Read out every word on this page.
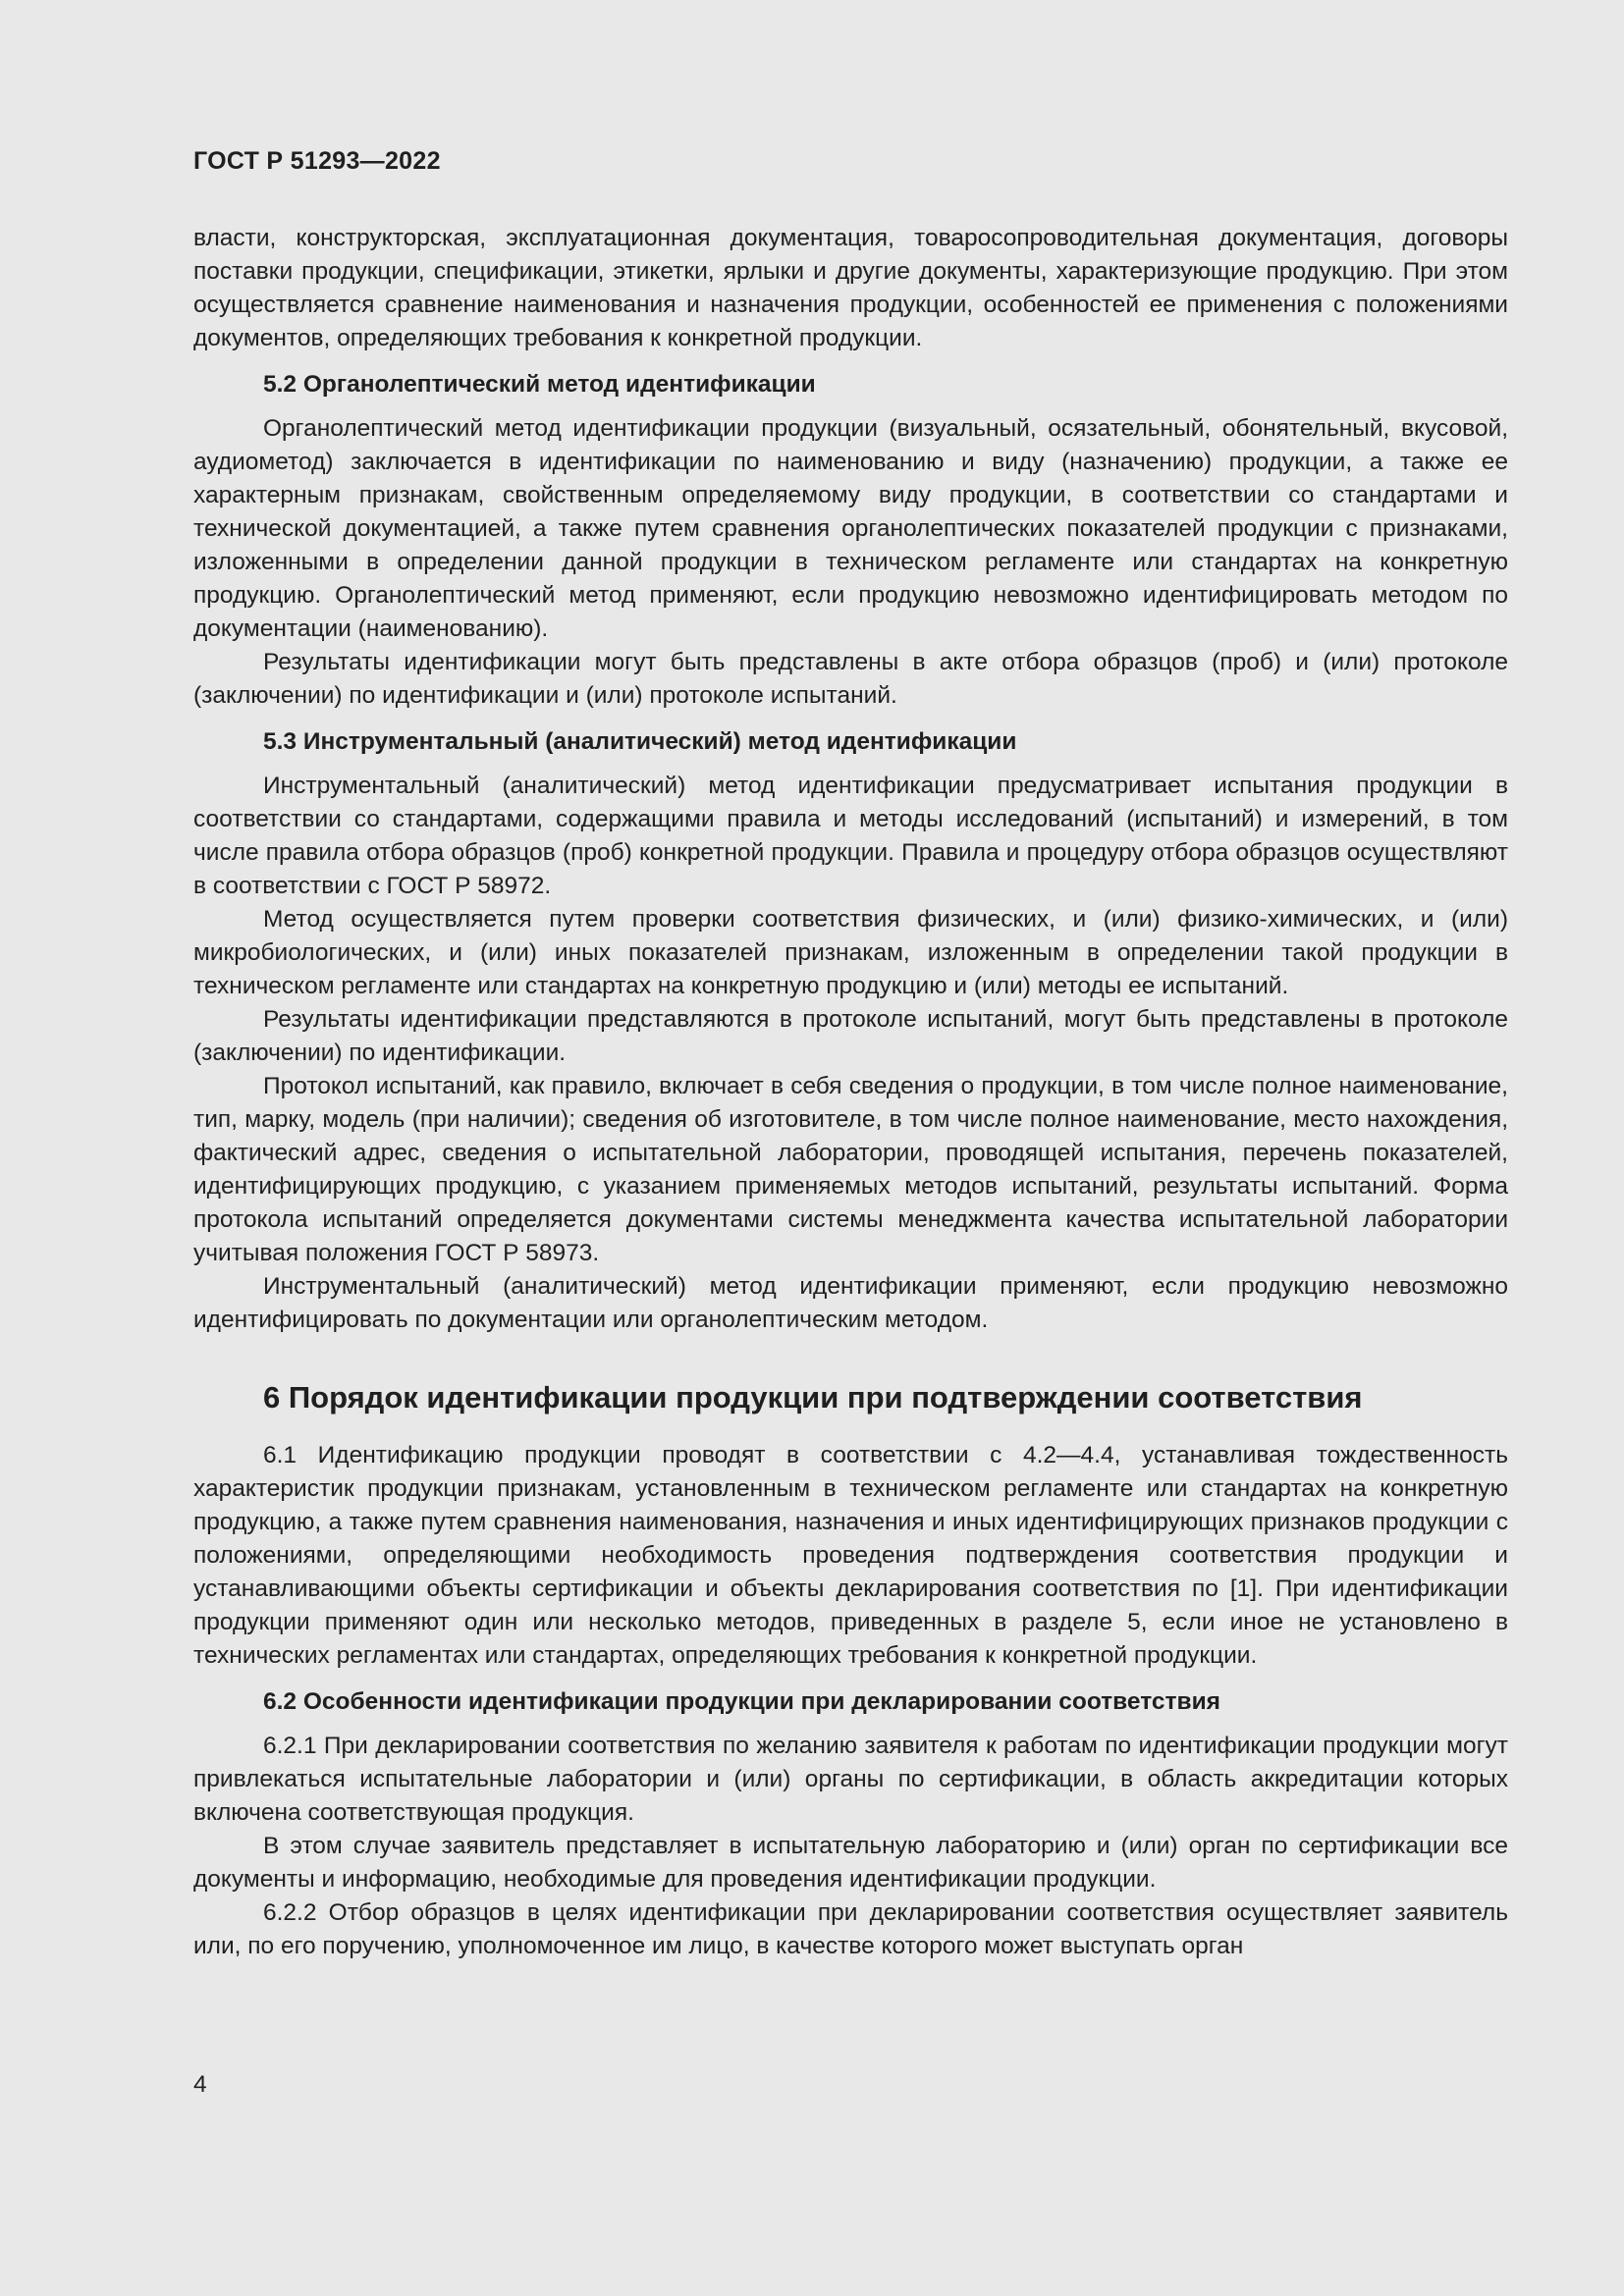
ГОСТ Р 51293—2022

власти, конструкторская, эксплуатационная документация, товаросопроводительная документация, договоры поставки продукции, спецификации, этикетки, ярлыки и другие документы, характеризующие продукцию. При этом осуществляется сравнение наименования и назначения продукции, особенностей ее применения с положениями документов, определяющих требования к конкретной продукции.

5.2 Органолептический метод идентификации

Органолептический метод идентификации продукции (визуальный, осязательный, обонятельный, вкусовой, аудиометод) заключается в идентификации по наименованию и виду (назначению) продукции, а также ее характерным признакам, свойственным определяемому виду продукции, в соответствии со стандартами и технической документацией, а также путем сравнения органолептических показателей продукции с признаками, изложенными в определении данной продукции в техническом регламенте или стандартах на конкретную продукцию. Органолептический метод применяют, если продукцию невозможно идентифицировать методом по документации (наименованию).

Результаты идентификации могут быть представлены в акте отбора образцов (проб) и (или) протоколе (заключении) по идентификации и (или) протоколе испытаний.

5.3 Инструментальный (аналитический) метод идентификации

Инструментальный (аналитический) метод идентификации предусматривает испытания продукции в соответствии со стандартами, содержащими правила и методы исследований (испытаний) и измерений, в том числе правила отбора образцов (проб) конкретной продукции. Правила и процедуру отбора образцов осуществляют в соответствии с ГОСТ Р 58972.

Метод осуществляется путем проверки соответствия физических, и (или) физико-химических, и (или) микробиологических, и (или) иных показателей признакам, изложенным в определении такой продукции в техническом регламенте или стандартах на конкретную продукцию и (или) методы ее испытаний.

Результаты идентификации представляются в протоколе испытаний, могут быть представлены в протоколе (заключении) по идентификации.

Протокол испытаний, как правило, включает в себя сведения о продукции, в том числе полное наименование, тип, марку, модель (при наличии); сведения об изготовителе, в том числе полное наименование, место нахождения, фактический адрес, сведения о испытательной лаборатории, проводящей испытания, перечень показателей, идентифицирующих продукцию, с указанием применяемых методов испытаний, результаты испытаний. Форма протокола испытаний определяется документами системы менеджмента качества испытательной лаборатории учитывая положения ГОСТ Р 58973.

Инструментальный (аналитический) метод идентификации применяют, если продукцию невозможно идентифицировать по документации или органолептическим методом.

6 Порядок идентификации продукции при подтверждении соответствия

6.1 Идентификацию продукции проводят в соответствии с 4.2—4.4, устанавливая тождественность характеристик продукции признакам, установленным в техническом регламенте или стандартах на конкретную продукцию, а также путем сравнения наименования, назначения и иных идентифицирующих признаков продукции с положениями, определяющими необходимость проведения подтверждения соответствия продукции и устанавливающими объекты сертификации и объекты декларирования соответствия по [1]. При идентификации продукции применяют один или несколько методов, приведенных в разделе 5, если иное не установлено в технических регламентах или стандартах, определяющих требования к конкретной продукции.

6.2 Особенности идентификации продукции при декларировании соответствия

6.2.1 При декларировании соответствия по желанию заявителя к работам по идентификации продукции могут привлекаться испытательные лаборатории и (или) органы по сертификации, в область аккредитации которых включена соответствующая продукция.

В этом случае заявитель представляет в испытательную лабораторию и (или) орган по сертификации все документы и информацию, необходимые для проведения идентификации продукции.

6.2.2 Отбор образцов в целях идентификации при декларировании соответствия осуществляет заявитель или, по его поручению, уполномоченное им лицо, в качестве которого может выступать орган

4
